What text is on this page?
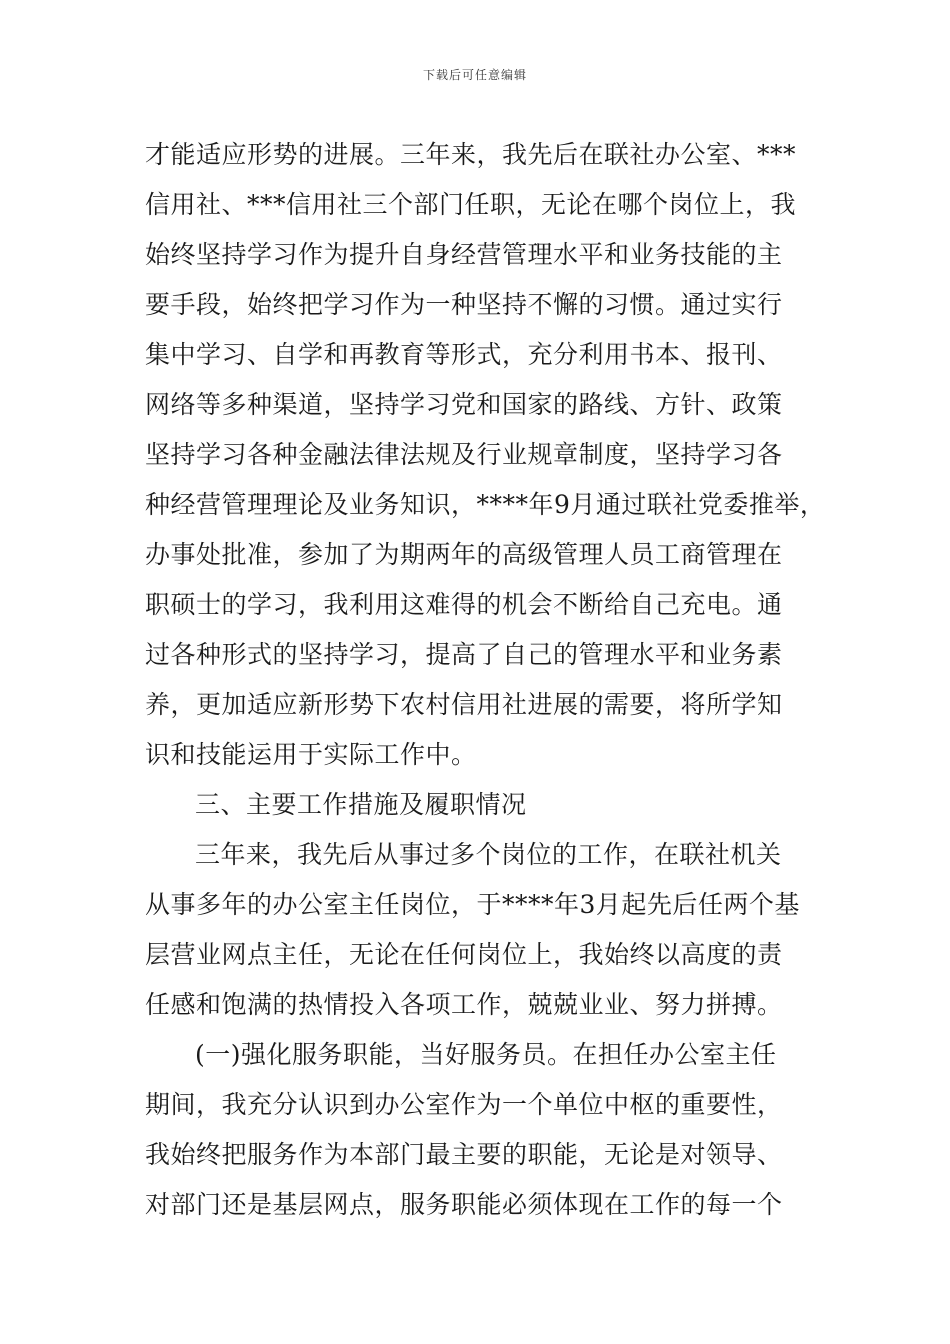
下载后可任意编辑
才能适应形势的进展。三年来，我先后在联社办公室、***
信用社、***信用社三个部门任职，无论在哪个岗位上，我
始终坚持学习作为提升自身经营管理水平和业务技能的主
要手段，始终把学习作为一种坚持不懈的习惯。通过实行
集中学习、自学和再教育等形式，充分利用书本、报刊、
网络等多种渠道，坚持学习党和国家的路线、方针、政策
坚持学习各种金融法律法规及行业规章制度，坚持学习各
种经营管理理论及业务知识，****年9月通过联社党委推举，
办事处批准，参加了为期两年的高级管理人员工商管理在
职硕士的学习，我利用这难得的机会不断给自己充电。通
过各种形式的坚持学习，提高了自己的管理水平和业务素
养，更加适应新形势下农村信用社进展的需要，将所学知
识和技能运用于实际工作中。
三、主要工作措施及履职情况
三年来，我先后从事过多个岗位的工作，在联社机关
从事多年的办公室主任岗位，于****年3月起先后任两个基
层营业网点主任，无论在任何岗位上，我始终以高度的责
任感和饱满的热情投入各项工作，兢兢业业、努力拼搏。
(一)强化服务职能，当好服务员。在担任办公室主任
期间，我充分认识到办公室作为一个单位中枢的重要性，
我始终把服务作为本部门最主要的职能，无论是对领导、
对部门还是基层网点，服务职能必须体现在工作的每一个
